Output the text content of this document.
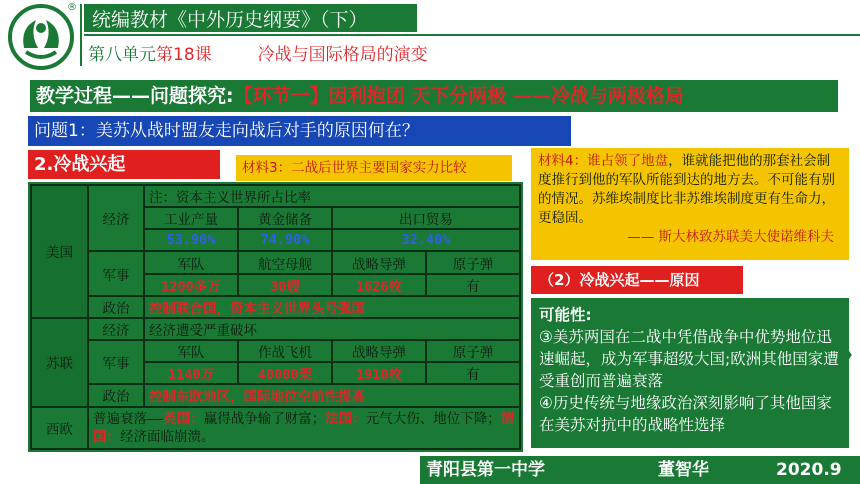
®
统编教材《中外历史纲要》（下）
第八单元第18课	冷战与国际格局的演变
教学过程——问题探究:【环节一】因利抱团 天下分两极 ——冷战与两极格局
问题1：美苏从战时盟友走向战后对手的原因何在？
2.冷战兴起	材料3：二战后世界主要国家实力比较
美国	经济	注：资本主义世界所占比率			
		工业产量	黄金储备	出口贸易	
		53.90%	74.90%	32.40%	
	军事	军队	航空母舰	战略导弹	原子弹
		1200多万	30艘	1626枚	有
	政治	控制联合国，资本主义世界头号强国			
苏联	经济	经济遭受严重破坏			
	军事	军队	作战飞机	战略导弹	原子弹
		1140万	40000架	1910枚	有
	政治	控制东欧地区，国际地位空前性提高			
西欧	普遍衰落——英国：赢得战争输了财富；法国：元气大伤、地位下降；德国：经济面临崩溃。				
材料4：谁占领了地盘，谁就能把他的那套社会制度推行到他的军队所能到达的地方去。不可能有别的情况。苏维埃制度比非苏维埃制度更有生命力，更稳固。
—— 斯大林致苏联美大使诺维科夫
（2）冷战兴起——原因
可能性:
③美苏两国在二战中凭借战争中优势地位迅速崛起，成为军事超级大国;欧洲其他国家遭受重创而普遍衰落
④历史传统与地缘政治深刻影响了其他国家在美苏对抗中的战略性选择
青阳县第一中学	董智华	2020.9
